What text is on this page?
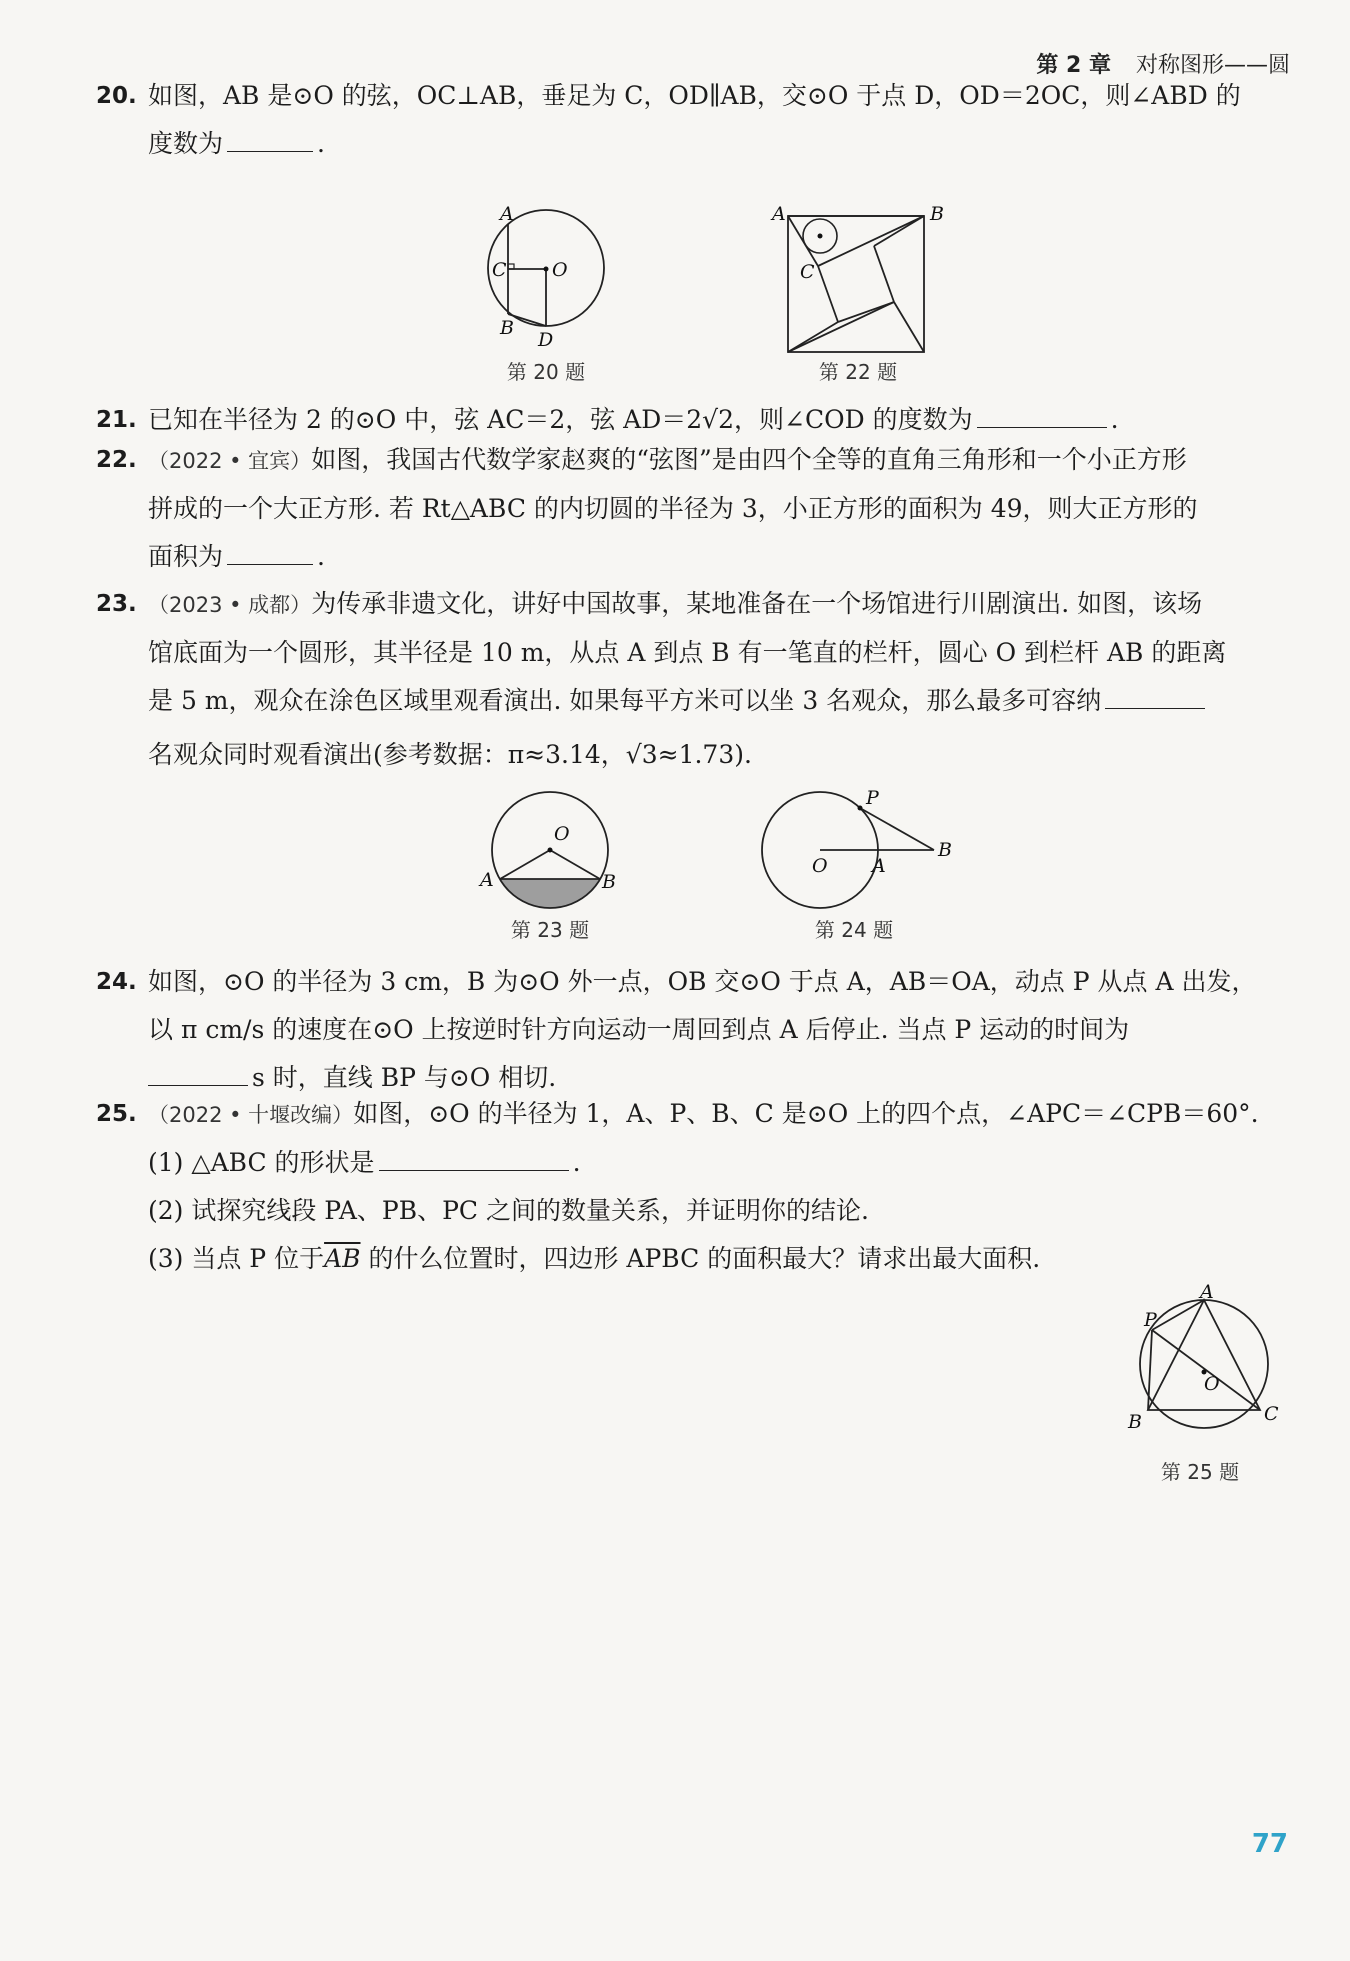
第 2 章 对称图形——圆
20. 如图，AB 是⊙O 的弦，OC⊥AB，垂足为 C，OD∥AB，交⊙O 于点 D，OD＝2OC，则∠ABD 的
度数为	.
A
C O
B
D
第 20 题
A	B
C
第 22 题
21. 已知在半径为 2 的⊙O 中，弦 AC＝2，弦 AD＝2√2，则∠COD 的度数为	.
22. （2022 • 宜宾）如图，我国古代数学家赵爽的“弦图”是由四个全等的直角三角形和一个小正方形
拼成的一个大正方形. 若 Rt△ABC 的内切圆的半径为 3，小正方形的面积为 49，则大正方形的
面积为	.
23. （2023 • 成都）为传承非遗文化，讲好中国故事，某地准备在一个场馆进行川剧演出. 如图，该场
馆底面为一个圆形，其半径是 10 m，从点 A 到点 B 有一笔直的栏杆，圆心 O 到栏杆 AB 的距离
是 5 m，观众在涂色区域里观看演出. 如果每平方米可以坐 3 名观众，那么最多可容纳
名观众同时观看演出(参考数据：π≈3.14，√3≈1.73).
O
A	B
第 23 题
P
O A
B
第 24 题
24. 如图，⊙O 的半径为 3 cm，B 为⊙O 外一点，OB 交⊙O 于点 A，AB＝OA，动点 P 从点 A 出发，
以 π cm/s 的速度在⊙O 上按逆时针方向运动一周回到点 A 后停止. 当点 P 运动的时间为
s 时，直线 BP 与⊙O 相切.
25. （2022 • 十堰改编）如图，⊙O 的半径为 1，A、P、B、C 是⊙O 上的四个点，∠APC＝∠CPB＝60°.
(1) △ABC 的形状是	.
(2) 试探究线段 PA、PB、PC 之间的数量关系，并证明你的结论.
(3) 当点 P 位于$\overline{AB}$ 的什么位置时，四边形 APBC 的面积最大？请求出最大面积.
P
A
O
B	C
第 25 题
77
